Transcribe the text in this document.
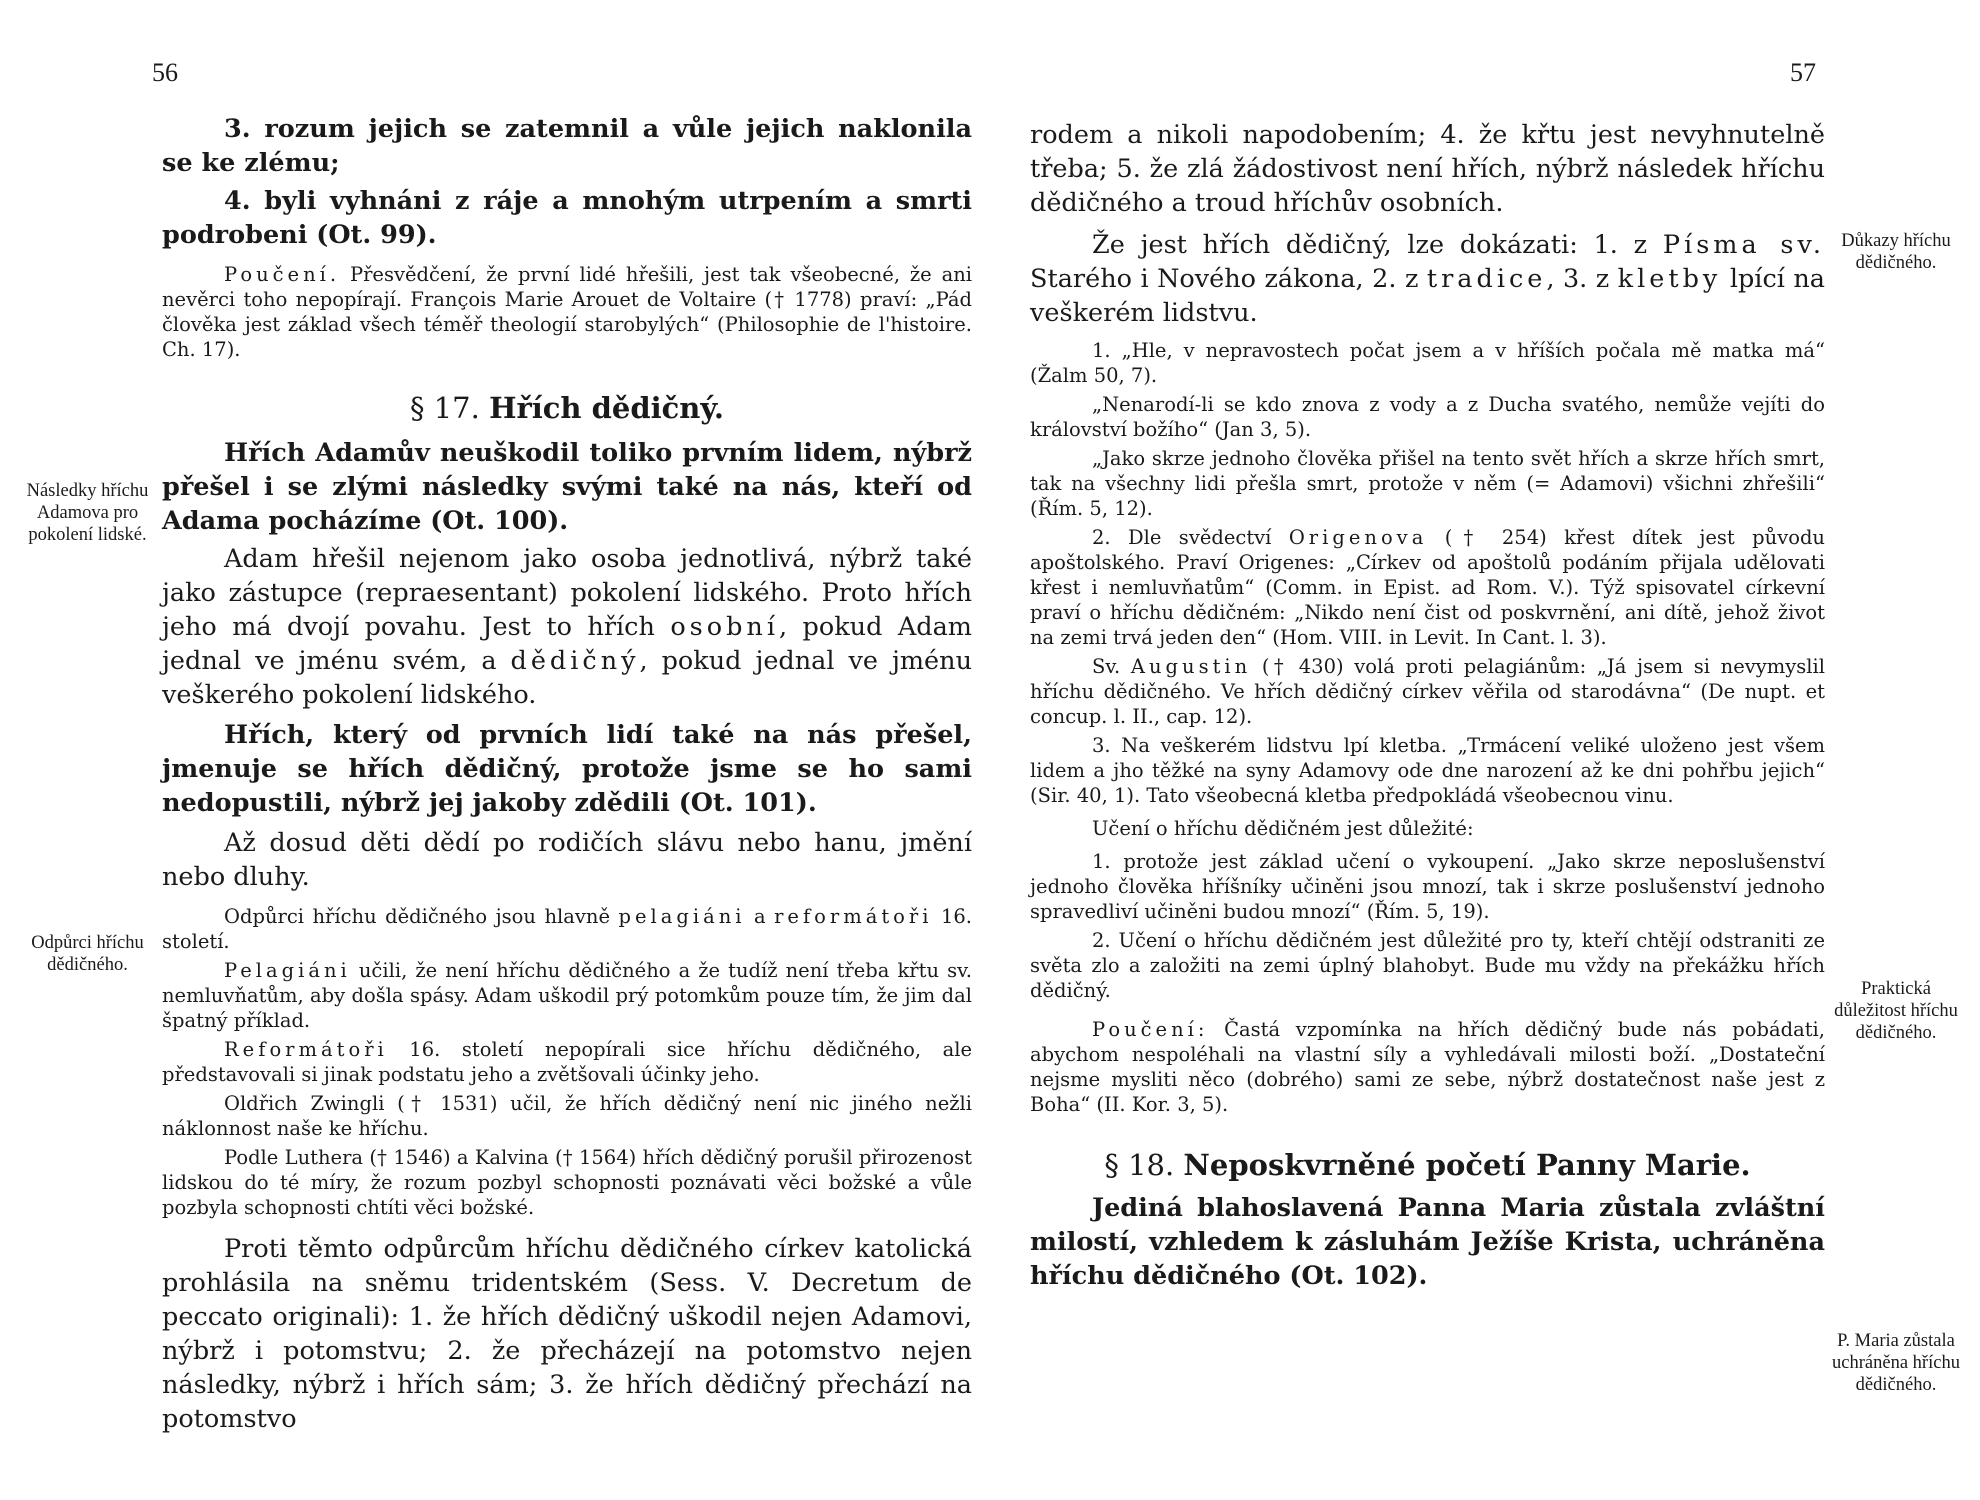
56

3. rozum jejich se zatemnil a vůle jejich naklonila se ke zlému;

4. byli vyhnáni z ráje a mnohým utrpením a smrti podrobeni (Ot. 99).

Poučení. Přesvědčení, že první lidé hřešili, jest tak všeobecné, že ani nevěrci toho nepopírají. François Marie Arouet de Voltaire († 1778) praví: „Pád člověka jest základ všech téměř theologií starobylých“ (Philosophie de l'histoire. Ch. 17).

§ 17. Hřích dědičný.

Hřích Adamův neuškodil toliko prvním lidem, nýbrž přešel i se zlými následky svými také na nás, kteří od Adama pocházíme (Ot. 100).

Adam hřešil nejenom jako osoba jednotlivá, nýbrž také jako zástupce (repraesentant) pokolení lidského. Proto hřích jeho má dvojí povahu. Jest to hřích osobní, pokud Adam jednal ve jménu svém, a dědičný, pokud jednal ve jménu veškerého pokolení lidského.

Hřích, který od prvních lidí také na nás přešel, jmenuje se hřích dědičný, protože jsme se ho sami nedopustili, nýbrž jej jakoby zdědili (Ot. 101).

Až dosud děti dědí po rodičích slávu nebo hanu, jmění nebo dluhy.

Odpůrci hříchu dědičného jsou hlavně pelagiáni a reformátoři 16. století.

Pelagiáni učili, že není hříchu dědičného a že tudíž není třeba křtu sv. nemluvňatům, aby došla spásy. Adam uškodil prý potomkům pouze tím, že jim dal špatný příklad.

Reformátoři 16. století nepopírali sice hříchu dědičného, ale představovali si jinak podstatu jeho a zvětšovali účinky jeho.

Oldřich Zwingli († 1531) učil, že hřích dědičný není nic jiného nežli náklonnost naše ke hříchu.

Podle Luthera († 1546) a Kalvina († 1564) hřích dědičný porušil přirozenost lidskou do té míry, že rozum pozbyl schopnosti poznávati věci božské a vůle pozbyla schopnosti chtíti věci božské.

Proti těmto odpůrcům hříchu dědičného církev katolická prohlásila na sněmu tridentském (Sess. V. Decretum de peccato originali): 1. že hřích dědičný uškodil nejen Adamovi, nýbrž i potomstvu; 2. že přecházejí na potomstvo nejen následky, nýbrž i hřích sám; 3. že hřích dědičný přechází na potomstvo

Následky hříchu Adamova pro pokolení lidské.
Odpůrci hříchu dědičného.
57

rodem a nikoli napodobením; 4. že křtu jest nevyhnutelně třeba; 5. že zlá žádostivost není hřích, nýbrž následek hříchu dědičného a troud hříchův osobních.

Že jest hřích dědičný, lze dokázati: 1. z Písma sv. Starého i Nového zákona, 2. z tradice, 3. z kletby lpící na veškerém lidstvu.

1. „Hle, v nepravostech počat jsem a v hříších počala mě matka má“ (Žalm 50, 7).

„Nenarodí-li se kdo znova z vody a z Ducha svatého, nemůže vejíti do království božího“ (Jan 3, 5).

„Jako skrze jednoho člověka přišel na tento svět hřích a skrze hřích smrt, tak na všechny lidi přešla smrt, protože v něm (= Adamovi) všichni zhřešili“ (Řím. 5, 12).

2. Dle svědectví Origenova († 254) křest dítek jest původu apoštolského. Praví Origenes: „Církev od apoštolů podáním přijala udělovati křest i nemluvňatům“ (Comm. in Epist. ad Rom. V.). Týž spisovatel církevní praví o hříchu dědičném: „Nikdo není čist od poskvrnění, ani dítě, jehož život na zemi trvá jeden den“ (Hom. VIII. in Levit. In Cant. l. 3).

Sv. Augustin († 430) volá proti pelagiánům: „Já jsem si nevymyslil hříchu dědičného. Ve hřích dědičný církev věřila od starodávna“ (De nupt. et concup. l. II., cap. 12).

3. Na veškerém lidstvu lpí kletba. „Trmácení veliké uloženo jest všem lidem a jho těžké na syny Adamovy ode dne narození až ke dni pohřbu jejich“ (Sir. 40, 1). Tato všeobecná kletba předpokládá všeobecnou vinu.

Učení o hříchu dědičném jest důležité:

1. protože jest základ učení o vykoupení. „Jako skrze neposlušenství jednoho člověka hříšníky učiněni jsou mnozí, tak i skrze poslušenství jednoho spravedliví učiněni budou mnozí“ (Řím. 5, 19).

2. Učení o hříchu dědičném jest důležité pro ty, kteří chtějí odstraniti ze světa zlo a založiti na zemi úplný blahobyt. Bude mu vždy na překážku hřích dědičný.

Poučení: Častá vzpomínka na hřích dědičný bude nás pobádati, abychom nespoléhali na vlastní síly a vyhledávali milosti boží. „Dostateční nejsme mysliti něco (dobrého) sami ze sebe, nýbrž dostatečnost naše jest z Boha“ (II. Kor. 3, 5).

§ 18. Neposkvrněné početí Panny Marie.

Jediná blahoslavená Panna Maria zůstala zvláštní milostí, vzhledem k zásluhám Ježíše Krista, uchráněna hříchu dědičného (Ot. 102).

Důkazy hříchu dědičného.
Praktická důležitost hříchu dědičného.
P. Maria zůstala uchráněna hříchu dědičného.
